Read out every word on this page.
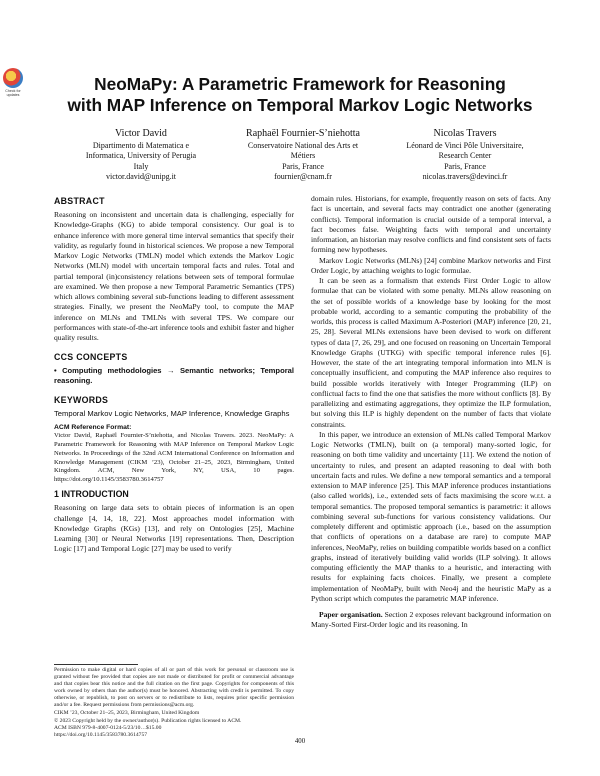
Check for updates
NeoMaPy: A Parametric Framework for Reasoning
with MAP Inference on Temporal Markov Logic Networks
Victor David
Dipartimento di Matematica e
Informatica, University of Perugia
Italy
victor.david@unipg.it
Raphaël Fournier-S’niehotta
Conservatoire National des Arts et
Métiers
Paris, France
fournier@cnam.fr
Nicolas Travers
Léonard de Vinci Pôle Universitaire,
Research Center
Paris, France
nicolas.travers@devinci.fr
ABSTRACT

Reasoning on inconsistent and uncertain data is challenging, especially for Knowledge-Graphs (KG) to abide temporal consistency. Our goal is to enhance inference with more general time interval semantics that specify their validity, as regularly found in historical sciences. We propose a new Temporal Markov Logic Networks (TMLN) model which extends the Markov Logic Networks (MLN) model with uncertain temporal facts and rules. Total and partial temporal (in)consistency relations between sets of temporal formulae are examined. We then propose a new Temporal Parametric Semantics (TPS) which allows combining several sub-functions leading to different assessment strategies. Finally, we present the NeoMaPy tool, to compute the MAP inference on MLNs and TMLNs with several TPS. We compare our performances with state-of-the-art inference tools and exhibit faster and higher quality results.

CCS CONCEPTS
• Computing methodologies → Semantic networks; Temporal reasoning.
KEYWORDS
Temporal Markov Logic Networks, MAP Inference, Knowledge Graphs
ACM Reference Format:
Victor David, Raphaël Fournier-S’niehotta, and Nicolas Travers. 2023. NeoMaPy: A Parametric Framework for Reasoning with MAP Inference on Temporal Markov Logic Networks. In Proceedings of the 32nd ACM International Conference on Information and Knowledge Management (CIKM ’23), October 21–25, 2023, Birmingham, United Kingdom. ACM, New York, NY, USA, 10 pages. https://doi.org/10.1145/3583780.3614757
1 INTRODUCTION

Reasoning on large data sets to obtain pieces of information is an open challenge [4, 14, 18, 22]. Most approaches model information with Knowledge Graphs (KGs) [13], and rely on Ontologies [25], Machine Learning [30] or Neural Networks [19] representations. Then, Description Logic [17] and Temporal Logic [27] may be used to verify

Permission to make digital or hard copies of all or part of this work for personal or classroom use is granted without fee provided that copies are not made or distributed for profit or commercial advantage and that copies bear this notice and the full citation on the first page. Copyrights for components of this work owned by others than the author(s) must be honored. Abstracting with credit is permitted. To copy otherwise, or republish, to post on servers or to redistribute to lists, requires prior specific permission and/or a fee. Request permissions from permissions@acm.org.
CIKM ’23, October 21–25, 2023, Birmingham, United Kingdom
© 2023 Copyright held by the owner/author(s). Publication rights licensed to ACM.
ACM ISBN 979-8-4007-0124-5/23/10…$15.00
https://doi.org/10.1145/3583780.3614757

domain rules. Historians, for example, frequently reason on sets of facts. Any fact is uncertain, and several facts may contradict one another (generating conflicts). Temporal information is crucial outside of a temporal interval, a fact becomes false. Weighting facts with temporal and uncertainty information, an historian may resolve conflicts and find consistent sets of facts forming new hypotheses.

Markov Logic Networks (MLNs) [24] combine Markov networks and First Order Logic, by attaching weights to logic formulae.

It can be seen as a formalism that extends First Order Logic to allow formulae that can be violated with some penalty. MLNs allow reasoning on the set of possible worlds of a knowledge base by looking for the most probable world, according to a semantic computing the probability of the worlds, this process is called Maximum A-Posteriori (MAP) inference [20, 21, 25, 28]. Several MLNs extensions have been devised to work on different types of data [7, 26, 29], and one focused on reasoning on Uncertain Temporal Knowledge Graphs (UTKG) with specific temporal inference rules [6]. However, the state of the art integrating temporal information into MLN is conceptually insufficient, and computing the MAP inference also requires to build possible worlds iteratively with Integer Programming (ILP) on conflictual facts to find the one that satisfies the more without conflicts [8]. By parallelizing and estimating aggregations, they optimize the ILP formulation, but solving this ILP is highly dependent on the number of facts that violate constraints.

In this paper, we introduce an extension of MLNs called Temporal Markov Logic Networks (TMLN), built on (a temporal) many-sorted logic, for reasoning on both time validity and uncertainty [11]. We extend the notion of uncertainty to rules, and present an adapted reasoning to deal with both uncertain facts and rules. We define a new temporal semantics and a temporal extension to MAP inference [25]. This MAP inference produces instantiations (also called worlds), i.e., extended sets of facts maximising the score w.r.t. a temporal semantics. The proposed temporal semantics is parametric: it allows combining several sub-functions for various consistency validations. Our completely different and optimistic approach (i.e., based on the assumption that conflicts of operations on a database are rare) to compute MAP inferences, NeoMaPy, relies on building compatible worlds based on a conflict graphs, instead of iteratively building valid worlds (ILP solving). It allows computing efficiently the MAP thanks to a heuristic, and interacting with results for explaining facts choices. Finally, we present a complete implementation of NeoMaPy, built with Neo4j and the heuristic MaPy as a Python script which computes the parametric MAP inference.

Paper organisation. Section 2 exposes relevant background information on Many-Sorted First-Order logic and its reasoning. In

400
